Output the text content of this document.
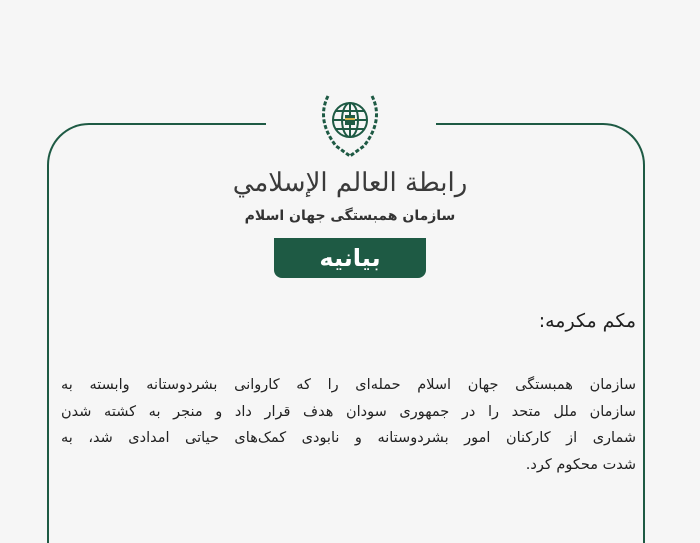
رابطة العالم الإسلامي
سازمان همبستگی جهان اسلام
بیانیه
مکم مکرمه:
سازمان همبستگی جهان اسلام حمله‌ای را که کاروانی بشردوستانه وابسته به
سازمان ملل متحد را در جمهوری سودان هدف قرار داد و منجر به کشته شدن
شماری از کارکنان امور بشردوستانه و نابودی کمک‌های حیاتی امدادی شد، به
شدت محکوم کرد.
